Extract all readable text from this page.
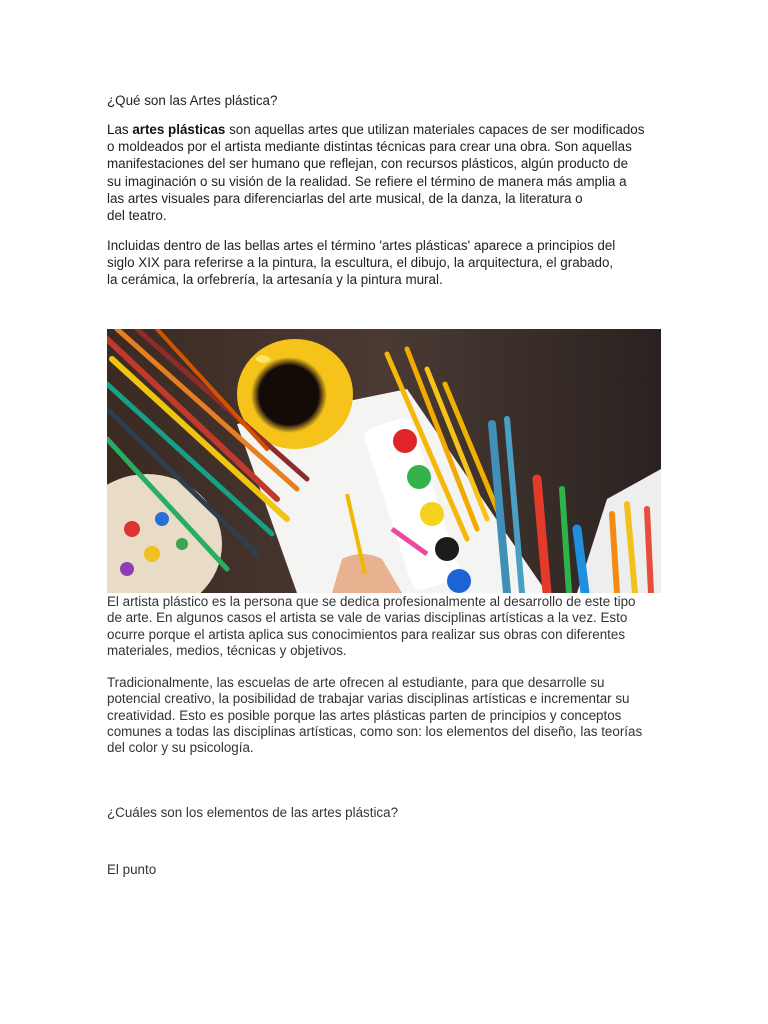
¿Qué son las Artes plástica?

Las artes plásticas son aquellas artes que utilizan materiales capaces de ser modificados
o moldeados por el artista mediante distintas técnicas para crear una obra. Son aquellas
manifestaciones del ser humano que reflejan, con recursos plásticos, algún producto de
su imaginación o su visión de la realidad. Se refiere el término de manera más amplia a
las artes visuales para diferenciarlas del arte musical, de la danza, la literatura o
del teatro.
Incluidas dentro de las bellas artes el término 'artes plásticas' aparece a principios del
siglo XIX para referirse a la pintura, la escultura, el dibujo, la arquitectura, el grabado,
la cerámica, la orfebrería, la artesanía y la pintura mural.
El artista plástico es la persona que se dedica profesionalmente al desarrollo de este tipo
de arte. En algunos casos el artista se vale de varias disciplinas artísticas a la vez. Esto
ocurre porque el artista aplica sus conocimientos para realizar sus obras con diferentes
materiales, medios, técnicas y objetivos.
Tradicionalmente, las escuelas de arte ofrecen al estudiante, para que desarrolle su
potencial creativo, la posibilidad de trabajar varias disciplinas artísticas e incrementar su
creatividad. Esto es posible porque las artes plásticas parten de principios y conceptos
comunes a todas las disciplinas artísticas, como son: los elementos del diseño, las teorías
del color y su psicología.

¿Cuáles son los elementos de las artes plástica?

El punto
